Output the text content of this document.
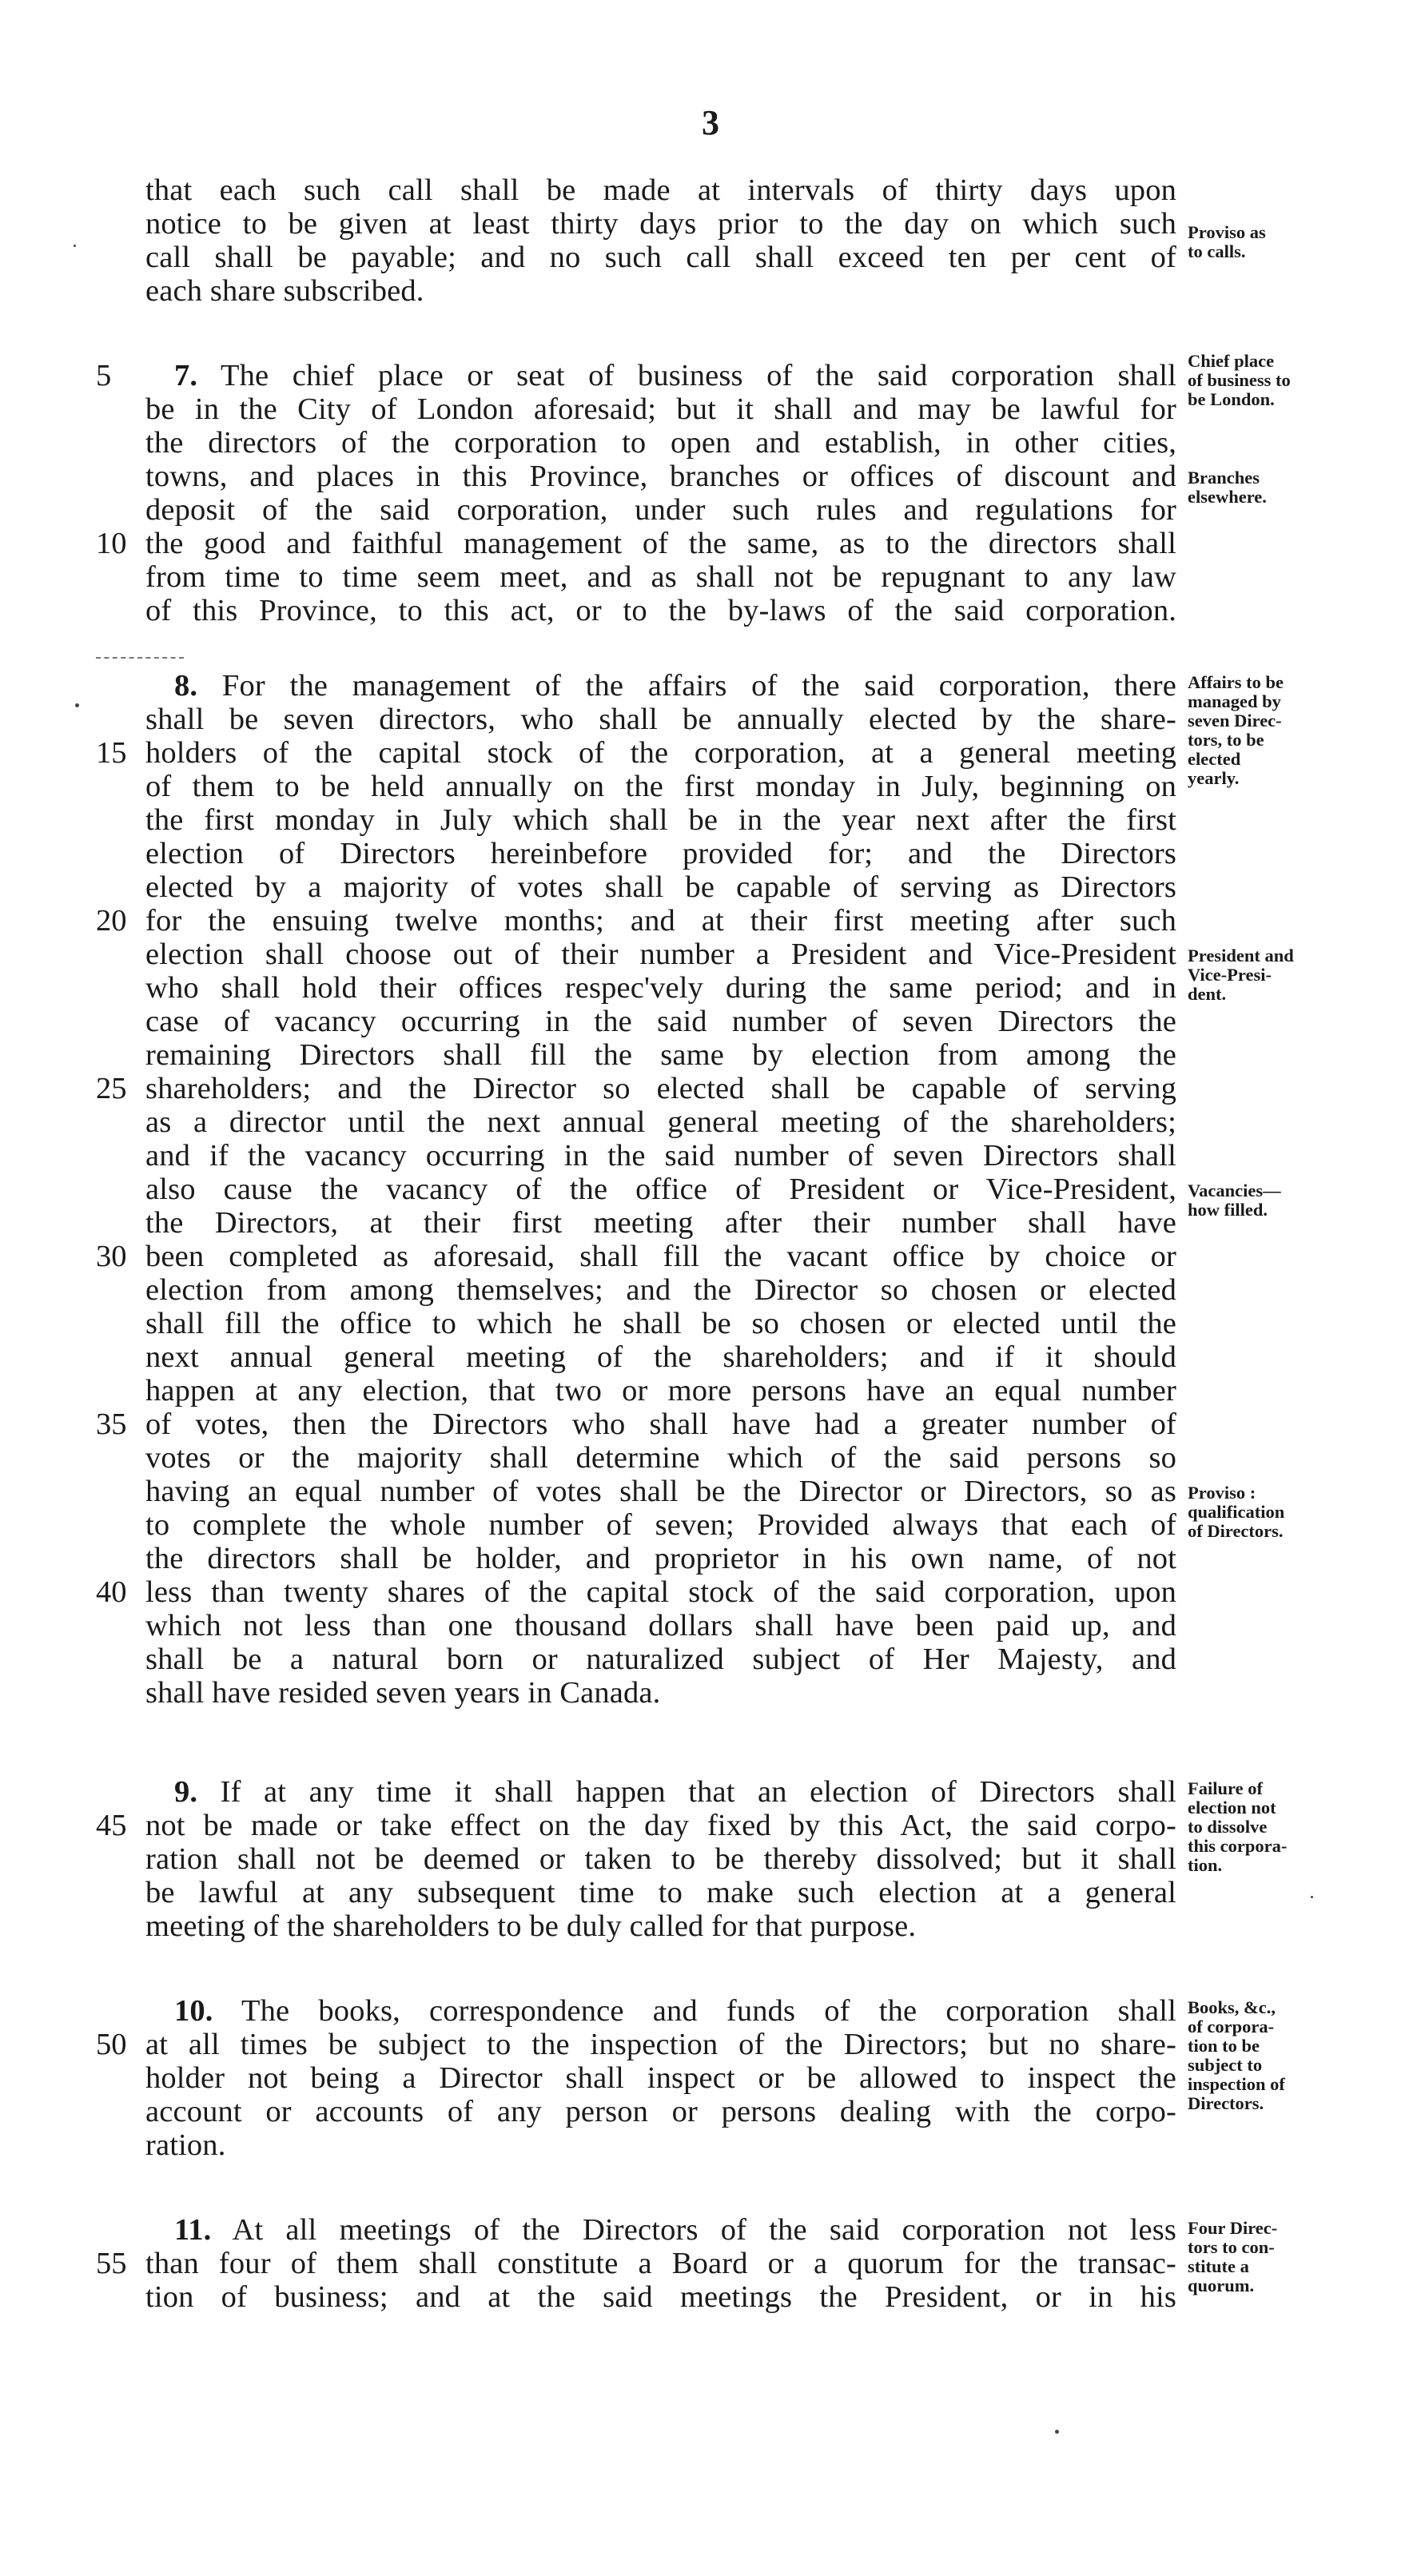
3
that each such call shall be made at intervals of thirty days upon
notice to be given at least thirty days prior to the day on which such
call shall be payable; and no such call shall exceed ten per cent of
each share subscribed.
Proviso as
to calls.
7. The chief place or seat of business of the said corporation shall
be in the City of London aforesaid; but it shall and may be lawful for
the directors of the corporation to open and establish, in other cities,
towns, and places in this Province, branches or offices of discount and
deposit of the said corporation, under such rules and regulations for
the good and faithful management of the same, as to the directors shall
from time to time seem meet, and as shall not be repugnant to any law
of this Province, to this act, or to the by-laws of the said corporation.
5
10
Chief place
of business to
be London.
Branches
elsewhere.
8. For the management of the affairs of the said corporation, there
shall be seven directors, who shall be annually elected by the share-
holders of the capital stock of the corporation, at a general meeting
of them to be held annually on the first monday in July, beginning on
the first monday in July which shall be in the year next after the first
election of Directors hereinbefore provided for; and the Directors
elected by a majority of votes shall be capable of serving as Directors
for the ensuing twelve months; and at their first meeting after such
election shall choose out of their number a President and Vice-President
who shall hold their offices respec'vely during the same period; and in
case of vacancy occurring in the said number of seven Directors the
remaining Directors shall fill the same by election from among the
shareholders; and the Director so elected shall be capable of serving
as a director until the next annual general meeting of the shareholders;
and if the vacancy occurring in the said number of seven Directors shall
also cause the vacancy of the office of President or Vice-President,
the Directors, at their first meeting after their number shall have
been completed as aforesaid, shall fill the vacant office by choice or
election from among themselves; and the Director so chosen or elected
shall fill the office to which he shall be so chosen or elected until the
next annual general meeting of the shareholders; and if it should
happen at any election, that two or more persons have an equal number
of votes, then the Directors who shall have had a greater number of
votes or the majority shall determine which of the said persons so
having an equal number of votes shall be the Director or Directors, so as
to complete the whole number of seven; Provided always that each of
the directors shall be holder, and proprietor in his own name, of not
less than twenty shares of the capital stock of the said corporation, upon
which not less than one thousand dollars shall have been paid up, and
shall be a natural born or naturalized subject of Her Majesty, and
shall have resided seven years in Canada.
15
20
25
30
35
40
Affairs to be
managed by
seven Direc-
tors, to be
elected
yearly.
President and
Vice-Presi-
dent.
Vacancies—
how filled.
Proviso :
qualification
of Directors.
9. If at any time it shall happen that an election of Directors shall
not be made or take effect on the day fixed by this Act, the said corpo-
ration shall not be deemed or taken to be thereby dissolved; but it shall
be lawful at any subsequent time to make such election at a general
meeting of the shareholders to be duly called for that purpose.
45
Failure of
election not
to dissolve
this corpora-
tion.
10. The books, correspondence and funds of the corporation shall
at all times be subject to the inspection of the Directors; but no share-
holder not being a Director shall inspect or be allowed to inspect the
account or accounts of any person or persons dealing with the corpo-
ration.
50
Books, &c.,
of corpora-
tion to be
subject to
inspection of
Directors.
11. At all meetings of the Directors of the said corporation not less
than four of them shall constitute a Board or a quorum for the transac-
tion of business; and at the said meetings the President, or in his
55
Four Direc-
tors to con-
stitute a
quorum.
